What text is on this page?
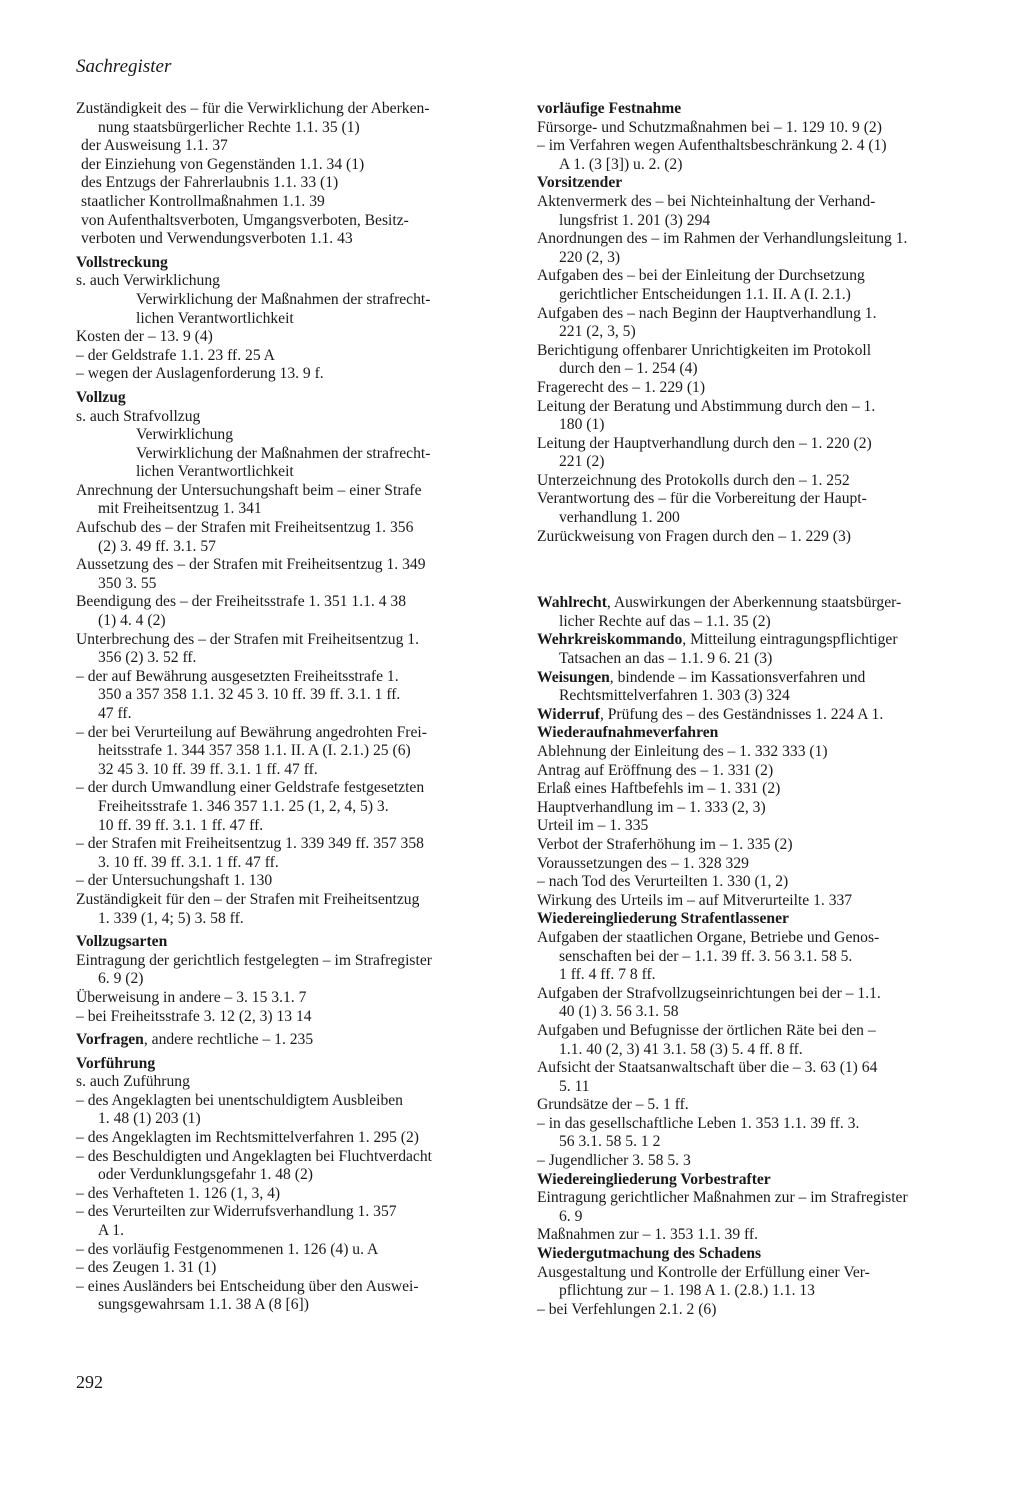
Sachregister
Zuständigkeit des – für die Verwirklichung der Aberken-
nung staatsbürgerlicher Rechte 1.1. 35 (1)
der Ausweisung 1.1. 37
der Einziehung von Gegenständen 1.1. 34 (1)
des Entzugs der Fahrerlaubnis 1.1. 33 (1)
staatlicher Kontrollmaßnahmen 1.1. 39
von Aufenthaltsverboten, Umgangsverboten, Besitz-
verboten und Verwendungsverboten 1.1. 43
Vollstreckung
s. auch Verwirklichung
Verwirklichung der Maßnahmen der strafrecht-
lichen Verantwortlichkeit
Kosten der – 13. 9 (4)
– der Geldstrafe 1.1. 23 ff. 25 A
– wegen der Auslagenforderung 13. 9 f.
Vollzug
s. auch Strafvollzug
Verwirklichung
Verwirklichung der Maßnahmen der strafrecht-
lichen Verantwortlichkeit
Anrechnung der Untersuchungshaft beim – einer Strafe
mit Freiheitsentzug 1. 341
Aufschub des – der Strafen mit Freiheitsentzug 1. 356
(2) 3. 49 ff. 3.1. 57
Aussetzung des – der Strafen mit Freiheitsentzug 1. 349
350 3. 55
Beendigung des – der Freiheitsstrafe 1. 351 1.1. 4 38
(1) 4. 4 (2)
Unterbrechung des – der Strafen mit Freiheitsentzug 1.
356 (2) 3. 52 ff.
– der auf Bewährung ausgesetzten Freiheitsstrafe 1.
350 a 357 358 1.1. 32 45 3. 10 ff. 39 ff. 3.1. 1 ff.
47 ff.
– der bei Verurteilung auf Bewährung angedrohten Frei-
heitsstrafe 1. 344 357 358 1.1. II. A (I. 2.1.) 25 (6)
32 45 3. 10 ff. 39 ff. 3.1. 1 ff. 47 ff.
– der durch Umwandlung einer Geldstrafe festgesetzten
Freiheitsstrafe 1. 346 357 1.1. 25 (1, 2, 4, 5) 3.
10 ff. 39 ff. 3.1. 1 ff. 47 ff.
– der Strafen mit Freiheitsentzug 1. 339 349 ff. 357 358
3. 10 ff. 39 ff. 3.1. 1 ff. 47 ff.
– der Untersuchungshaft 1. 130
Zuständigkeit für den – der Strafen mit Freiheitsentzug
1. 339 (1, 4; 5) 3. 58 ff.
Vollzugsarten
Eintragung der gerichtlich festgelegten – im Strafregister
6. 9 (2)
Überweisung in andere – 3. 15 3.1. 7
– bei Freiheitsstrafe 3. 12 (2, 3) 13 14
Vorfragen, andere rechtliche – 1. 235
Vorführung
s. auch Zuführung
– des Angeklagten bei unentschuldigtem Ausbleiben
1. 48 (1) 203 (1)
– des Angeklagten im Rechtsmittelverfahren 1. 295 (2)
– des Beschuldigten und Angeklagten bei Fluchtverdacht
oder Verdunklungsgefahr 1. 48 (2)
– des Verhafteten 1. 126 (1, 3, 4)
– des Verurteilten zur Widerrufsverhandlung 1. 357
A 1.
– des vorläufig Festgenommenen 1. 126 (4) u. A
– des Zeugen 1. 31 (1)
– eines Ausländers bei Entscheidung über den Auswei-
sungsgewahrsam 1.1. 38 A (8 [6])
vorläufige Festnahme
Fürsorge- und Schutzmaßnahmen bei – 1. 129 10. 9 (2)
– im Verfahren wegen Aufenthaltsbeschränkung 2. 4 (1)
A 1. (3 [3]) u. 2. (2)
Vorsitzender
Aktenvermerk des – bei Nichteinhaltung der Verhand-
lungsfrist 1. 201 (3) 294
Anordnungen des – im Rahmen der Verhandlungsleitung 1.
220 (2, 3)
Aufgaben des – bei der Einleitung der Durchsetzung
gerichtlicher Entscheidungen 1.1. II. A (I. 2.1.)
Aufgaben des – nach Beginn der Hauptverhandlung 1.
221 (2, 3, 5)
Berichtigung offenbarer Unrichtigkeiten im Protokoll
durch den – 1. 254 (4)
Fragerecht des – 1. 229 (1)
Leitung der Beratung und Abstimmung durch den – 1.
180 (1)
Leitung der Hauptverhandlung durch den – 1. 220 (2)
221 (2)
Unterzeichnung des Protokolls durch den – 1. 252
Verantwortung des – für die Vorbereitung der Haupt-
verhandlung 1. 200
Zurückweisung von Fragen durch den – 1. 229 (3)
Wahlrecht, Auswirkungen der Aberkennung staatsbürger-
licher Rechte auf das – 1.1. 35 (2)
Wehrkreiskommando, Mitteilung eintragungspflichtiger
Tatsachen an das – 1.1. 9 6. 21 (3)
Weisungen, bindende – im Kassationsverfahren und
Rechtsmittelverfahren 1. 303 (3) 324
Widerruf, Prüfung des – des Geständnisses 1. 224 A 1.
Wiederaufnahmeverfahren
Ablehnung der Einleitung des – 1. 332 333 (1)
Antrag auf Eröffnung des – 1. 331 (2)
Erlaß eines Haftbefehls im – 1. 331 (2)
Hauptverhandlung im – 1. 333 (2, 3)
Urteil im – 1. 335
Verbot der Straferhöhung im – 1. 335 (2)
Voraussetzungen des – 1. 328 329
– nach Tod des Verurteilten 1. 330 (1, 2)
Wirkung des Urteils im – auf Mitverurteilte 1. 337
Wiedereingliederung Strafentlassener
Aufgaben der staatlichen Organe, Betriebe und Genos-
senschaften bei der – 1.1. 39 ff. 3. 56 3.1. 58 5.
1 ff. 4 ff. 7 8 ff.
Aufgaben der Strafvollzugseinrichtungen bei der – 1.1.
40 (1) 3. 56 3.1. 58
Aufgaben und Befugnisse der örtlichen Räte bei den –
1.1. 40 (2, 3) 41 3.1. 58 (3) 5. 4 ff. 8 ff.
Aufsicht der Staatsanwaltschaft über die – 3. 63 (1) 64
5. 11
Grundsätze der – 5. 1 ff.
– in das gesellschaftliche Leben 1. 353 1.1. 39 ff. 3.
56 3.1. 58 5. 1 2
– Jugendlicher 3. 58 5. 3
Wiedereingliederung Vorbestrafter
Eintragung gerichtlicher Maßnahmen zur – im Strafregister
6. 9
Maßnahmen zur – 1. 353 1.1. 39 ff.
Wiedergutmachung des Schadens
Ausgestaltung und Kontrolle der Erfüllung einer Ver-
pflichtung zur – 1. 198 A 1. (2.8.) 1.1. 13
– bei Verfehlungen 2.1. 2 (6)
292
